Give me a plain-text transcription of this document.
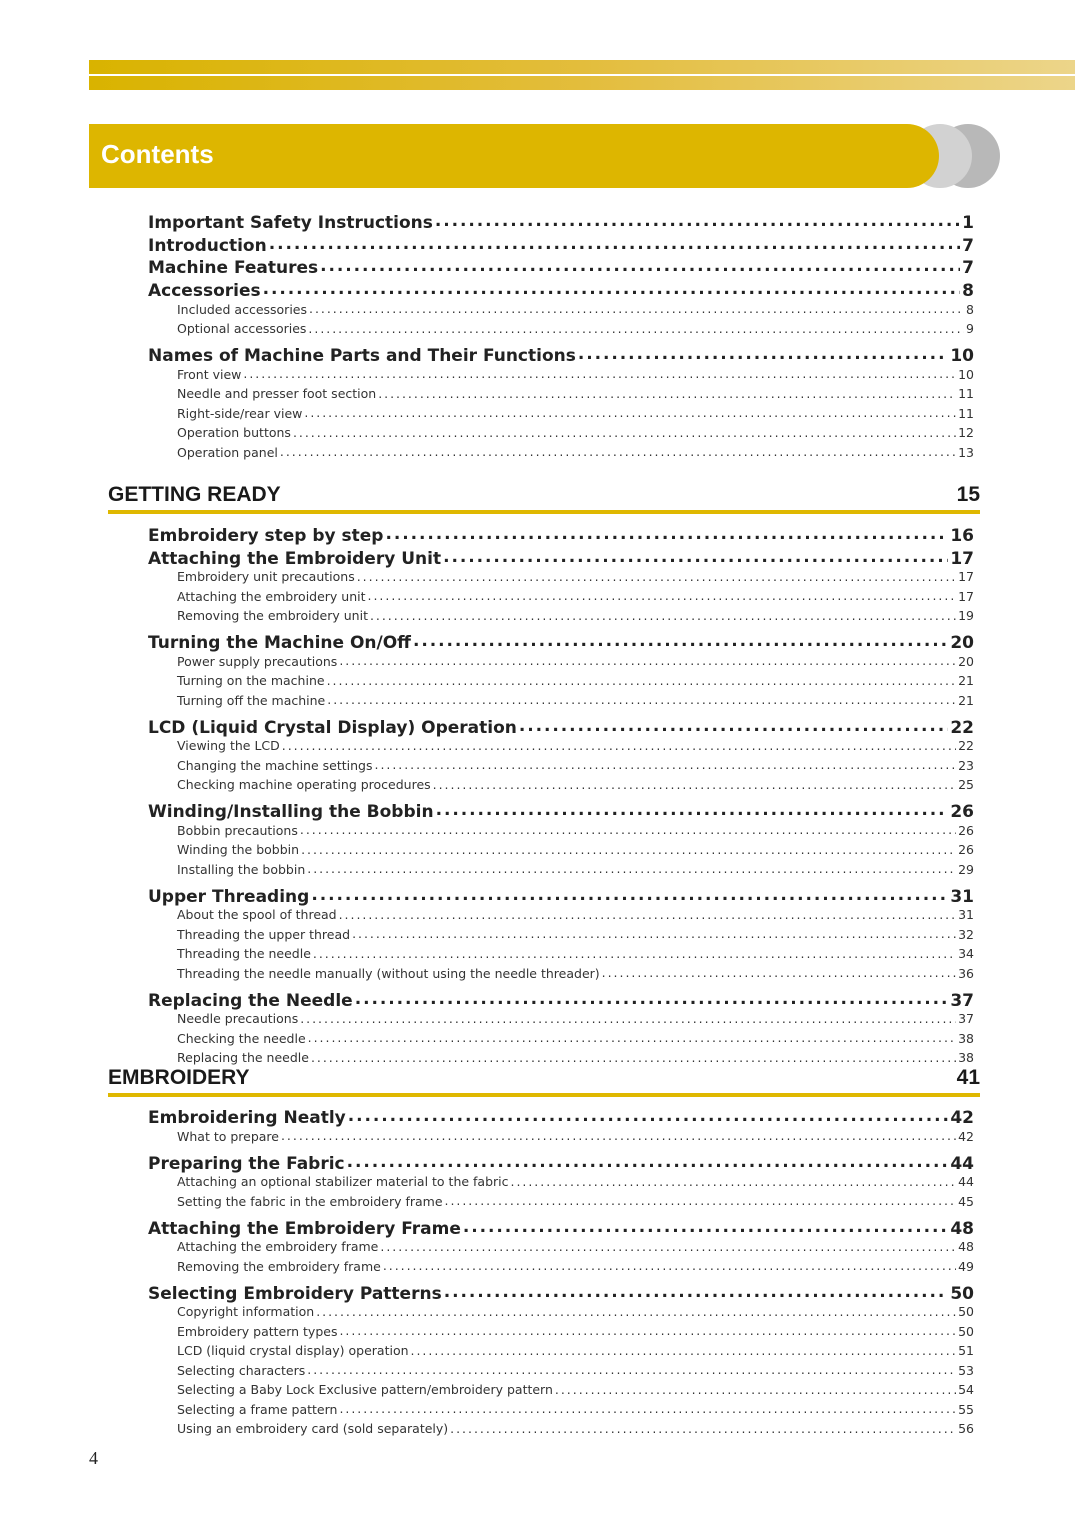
Contents
Important Safety Instructions . . .	1
Introduction . . .	7
Machine Features . . .	7
Accessories . . .	8
Included accessories . . .	8
Optional accessories . . .	9
Names of Machine Parts and Their Functions . . .	10
Front view . . .	10
Needle and presser foot section . . .	11
Right-side/rear view . . .	11
Operation buttons . . .	12
Operation panel . . .	13
GETTING READY	15
Embroidery step by step . . .	16
Attaching the Embroidery Unit . . .	17
Embroidery unit precautions . . .	17
Attaching the embroidery unit . . .	17
Removing the embroidery unit . . .	19
Turning the Machine On/Off . . .	20
Power supply precautions . . .	20
Turning on the machine . . .	21
Turning off the machine . . .	21
LCD (Liquid Crystal Display) Operation . . .	22
Viewing the LCD . . .	22
Changing the machine settings . . .	23
Checking machine operating procedures . . .	25
Winding/Installing the Bobbin . . .	26
Bobbin precautions . . .	26
Winding the bobbin . . .	26
Installing the bobbin . . .	29
Upper Threading . . .	31
About the spool of thread . . .	31
Threading the upper thread . . .	32
Threading the needle . . .	34
Threading the needle manually (without using the needle threader) . . .	36
Replacing the Needle . . .	37
Needle precautions . . .	37
Checking the needle . . .	38
Replacing the needle . . .	38
EMBROIDERY	41
Embroidering Neatly . . .	42
What to prepare . . .	42
Preparing the Fabric . . .	44
Attaching an optional stabilizer material to the fabric . . .	44
Setting the fabric in the embroidery frame . . .	45
Attaching the Embroidery Frame . . .	48
Attaching the embroidery frame . . .	48
Removing the embroidery frame . . .	49
Selecting Embroidery Patterns . . .	50
Copyright information . . .	50
Embroidery pattern types . . .	50
LCD (liquid crystal display) operation . . .	51
Selecting characters . . .	53
Selecting a Baby Lock Exclusive pattern/embroidery pattern . . .	54
Selecting a frame pattern . . .	55
Using an embroidery card (sold separately) . . .	56

4
